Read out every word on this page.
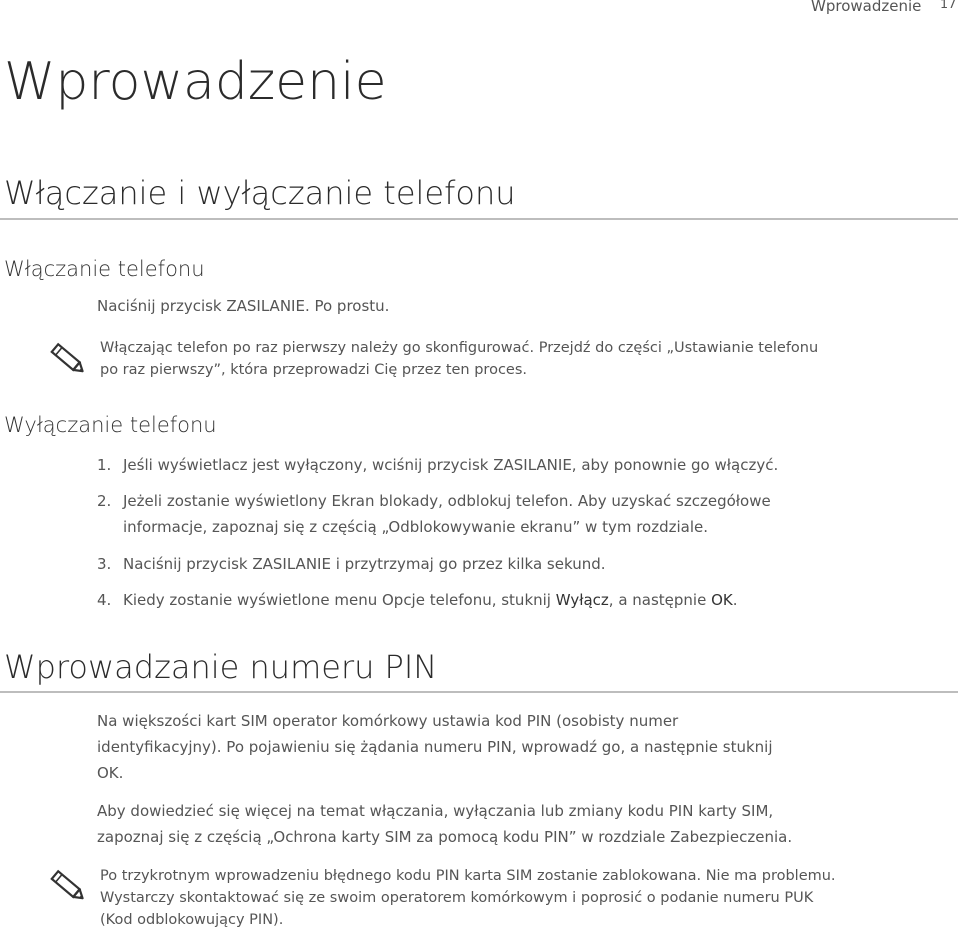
Wprowadzenie 17
Wprowadzenie
Włączanie i wyłączanie telefonu
Włączanie telefonu
Naciśnij przycisk ZASILANIE. Po prostu.
Włączając telefon po raz pierwszy należy go skonfigurować. Przejdź do części „Ustawianie telefonu
po raz pierwszy”, która przeprowadzi Cię przez ten proces.
Wyłączanie telefonu
1. Jeśli wyświetlacz jest wyłączony, wciśnij przycisk ZASILANIE, aby ponownie go włączyć.
2. Jeżeli zostanie wyświetlony Ekran blokady, odblokuj telefon. Aby uzyskać szczegółowe
informacje, zapoznaj się z częścią „Odblokowywanie ekranu” w tym rozdziale.
3. Naciśnij przycisk ZASILANIE i przytrzymaj go przez kilka sekund.
4. Kiedy zostanie wyświetlone menu Opcje telefonu, stuknij Wyłącz, a następnie OK.
Wprowadzanie numeru PIN
Na większości kart SIM operator komórkowy ustawia kod PIN (osobisty numer
identyfikacyjny). Po pojawieniu się żądania numeru PIN, wprowadź go, a następnie stuknij
OK.
Aby dowiedzieć się więcej na temat włączania, wyłączania lub zmiany kodu PIN karty SIM,
zapoznaj się z częścią „Ochrona karty SIM za pomocą kodu PIN” w rozdziale Zabezpieczenia.
Po trzykrotnym wprowadzeniu błędnego kodu PIN karta SIM zostanie zablokowana. Nie ma problemu.
Wystarczy skontaktować się ze swoim operatorem komórkowym i poprosić o podanie numeru PUK
(Kod odblokowujący PIN).
